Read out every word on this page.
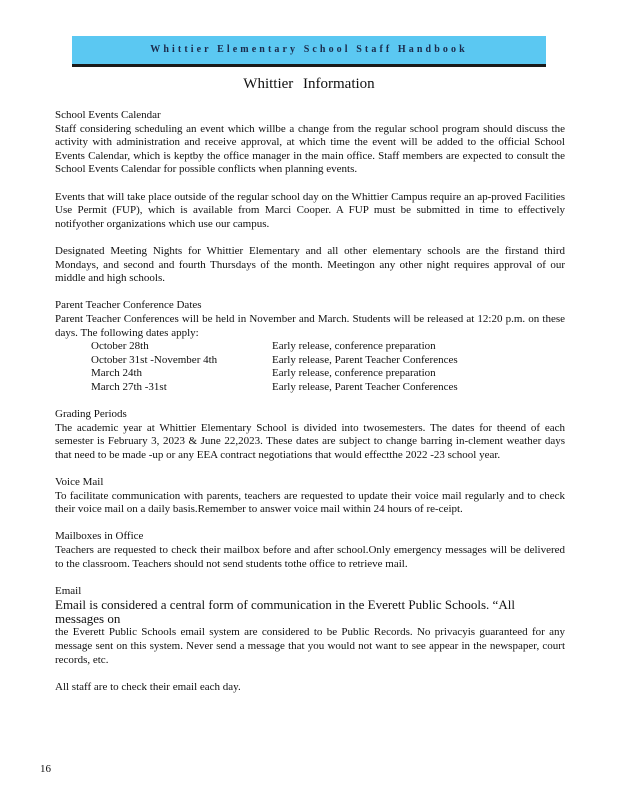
Whittier Elementary School Staff Handbook
Whittier Information
School Events Calendar

Staff considering scheduling an event which willbe a change from the regular school program should discuss the activity with administration and receive approval, at which time the event will be added to the official School Events Calendar, which is keptby the office manager in the main office. Staff members are expected to consult the School Events Calendar for possible conflicts when planning events.

Events that will take place outside of the regular school day on the Whittier Campus require an ap-proved Facilities Use Permit (FUP), which is available from Marci Cooper. A FUP must be submitted in time to effectively notifyother organizations which use our campus.

Designated Meeting Nights for Whittier Elementary and all other elementary schools are the firstand third Mondays, and second and fourth Thursdays of the month. Meetingon any other night requires approval of our middle and high schools.

Parent Teacher Conference Dates

Parent Teacher Conferences will be held in November and March. Students will be released at 12:20 p.m. on these days. The following dates apply:

October 28th	Early release, conference preparation
October 31st -November 4th	Early release, Parent Teacher Conferences
March 24th	Early release, conference preparation
March 27th -31st	Early release, Parent Teacher Conferences
Grading Periods

The academic year at Whittier Elementary School is divided into twosemesters. The dates for theend of each semester is February 3, 2023 & June 22,2023. These dates are subject to change barring in-clement weather days that need to be made -up or any EEA contract negotiations that would effectthe 2022 -23 school year.

Voice Mail

To facilitate communication with parents, teachers are requested to update their voice mail regularly and to check their voice mail on a daily basis.Remember to answer voice mail within 24 hours of re-ceipt.

Mailboxes in Office

Teachers are requested to check their mailbox before and after school.Only emergency messages will be delivered to the classroom. Teachers should not send students tothe office to retrieve mail.

Email
Email is considered a central form of communication in the Everett Public Schools. “All messages on

the Everett Public Schools email system are considered to be Public Records. No privacyis guaranteed for any message sent on this system. Never send a message that you would not want to see appear in the newspaper, court records, etc.

All staff are to check their email each day.

16
